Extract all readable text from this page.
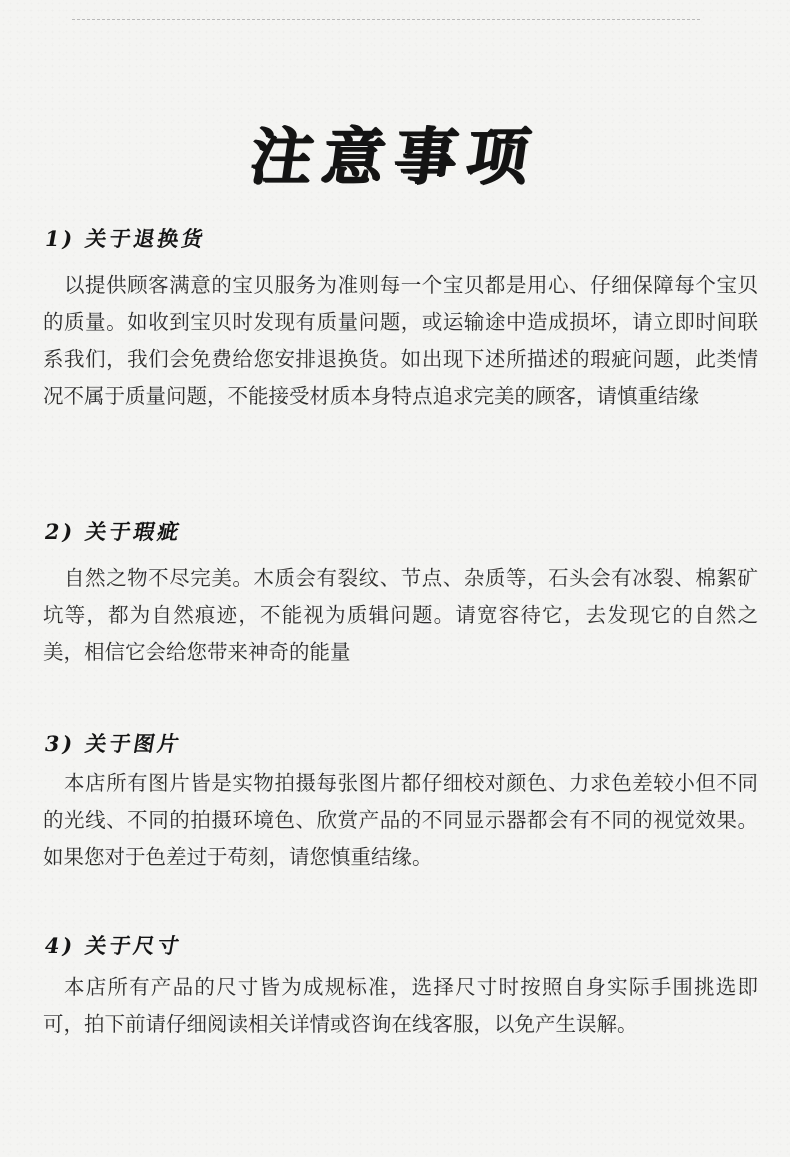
注意事项
1) 关于退换货

以提供顾客满意的宝贝服务为准则每一个宝贝都是用心、仔细保障每个宝贝的质量。如收到宝贝时发现有质量问题，或运输途中造成损坏，请立即时间联系我们，我们会免费给您安排退换货。如出现下述所描述的瑕疵问题，此类情况不属于质量问题，不能接受材质本身特点追求完美的顾客，请慎重结缘

2) 关于瑕疵

自然之物不尽完美。木质会有裂纹、节点、杂质等，石头会有冰裂、棉絮矿坑等，都为自然痕迹，不能视为质辑问题。请宽容待它，去发现它的自然之美，相信它会给您带来神奇的能量

3) 关于图片

本店所有图片皆是实物拍摄每张图片都仔细校对颜色、力求色差较小但不同的光线、不同的拍摄环境色、欣赏产品的不同显示器都会有不同的视觉效果。如果您对于色差过于苟刻，请您慎重结缘。

4) 关于尺寸

本店所有产品的尺寸皆为成规标准，选择尺寸时按照自身实际手围挑选即可，拍下前请仔细阅读相关详情或咨询在线客服，以免产生误解。
